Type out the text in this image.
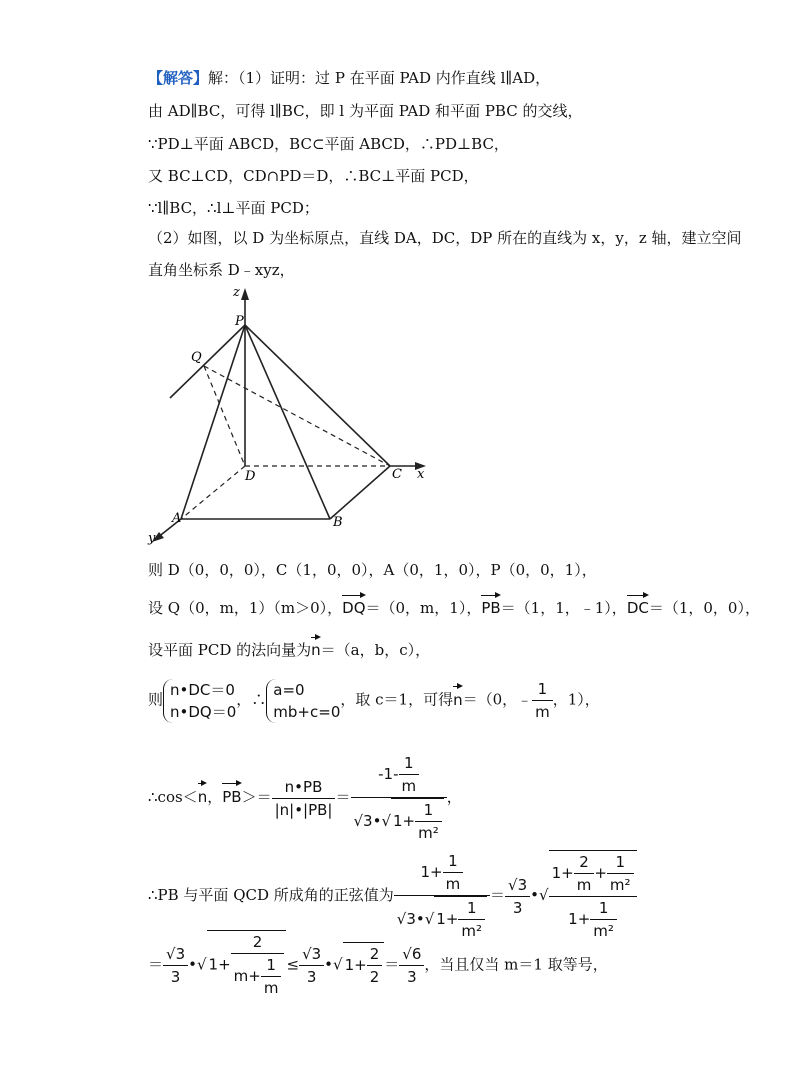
【解答】解：（1）证明：过 P 在平面 PAD 内作直线 l∥AD，
由 AD∥BC，可得 l∥BC，即 l 为平面 PAD 和平面 PBC 的交线，
∵PD⊥平面 ABCD，BC⊂平面 ABCD，∴PD⊥BC，
又 BC⊥CD，CD∩PD＝D，∴BC⊥平面 PCD，
∵l∥BC，∴l⊥平面 PCD；
（2）如图，以 D 为坐标原点，直线 DA，DC，DP 所在的直线为 x，y，z 轴，建立空间
直角坐标系 D﹣xyz，
z
P
Q
D	C x
A	B
y
则 D（0，0，0），C（1，0，0），A（0，1，0），P（0，0，1），
设 Q（0，m，1）（m＞0），DQ＝（0，m，1），PB＝（1，1，﹣1），DC＝（1，0，0），
设平面 PCD 的法向量为n＝（a，b，c），
则
n•DC＝0
n•DQ＝0
，∴
a=0
mb+c=0
，取 c＝1，可得n＝（0，﹣ $\frac{1}{m}$ ，1），
∴cos＜n，$PB>= \frac{n•PB}{|n|•|PB|} = \frac{-1- \frac{1}{m}}{√3•√ 1+ \frac{1}{\text{m²}}}$ ，
∴PB 与平面 QCD 所成角的正弦值为 $\frac{1+ \frac{1}{m}}{√3•√ 1+ \frac{1}{\text{m²}}} = \frac{√3}{3}$ •√ $\frac{1+ \frac{2}{m} + \frac{1}{\text{m²}}}{1+ \frac{1}{\text{m²}}}$
＝ $\frac{√3}{3}$ •√ $1+ \frac{2}{m+ \frac{1}{m}} \le \frac{√3}{3}$ •√ $1+ \frac{2}{2} = \frac{√6}{3}$ ，当且仅当 m＝1 取等号，
